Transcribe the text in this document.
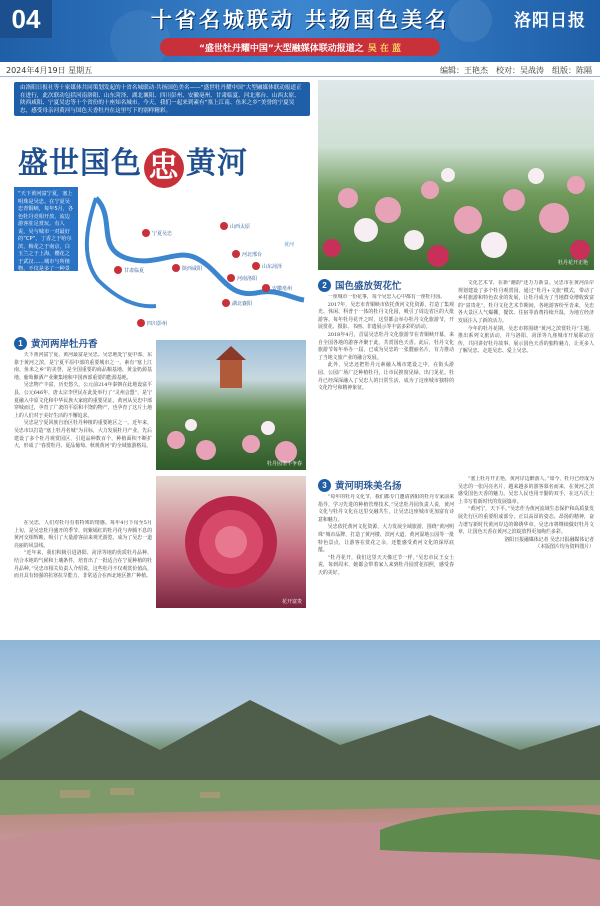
04	十省名城联动 共扬国色美名	洛阳日报
“盛世牡丹耀中国”大型融媒体联动报道之 吴 在 蓝
2024年4月19日 星期五	编辑：王艳杰　校对：吴战涛　组版：陈隔
由洛阳日报社等十家媒体共同策划发起的十省名城联动·共扬国色美名——“盛世牡丹耀中国”大型融媒体联动报道正在进行，此次联动包括河南洛阳、山东菏泽、湖北襄阳、四川彭州、安徽亳州、甘肃临夏、河北邢台、山西太原、陕西咸阳、宁夏吴忠等十个省份的十座知名城市。今天，我们一起来到素有“塞上江南、鱼米之乡”美誉的宁夏吴忠，感受母亲河黄河与国色天香牡丹在这里写下的别样精彩。
牡丹花开正艳
盛世国色 忠 黄河
宁夏吴忠
甘肃临夏
山西太原
河北邢台
陕西咸阳
河南洛阳
山东菏泽
安徽亳州
湖北襄阳
四川彭州
黄河
“天下黄河富宁夏，塞上明珠是吴忠。在宁夏吴忠青铜峡，每年5月，各色牡丹竞相开放，流边游客驻足赏玩。有人说，吴与城市一对最好的“CP”，丁香之于哈尔滨，梅花之于南京，白玉兰之于上海，樱花之于武汉……城市与所植物，不仅是多了一种景观，更留映着城市气质和审美。”
1 黄河两岸牡丹香

天下黄河富宁夏，黄河最富是吴忠。吴忠地处宁夏中部，东靠于黄河之滨，是宁夏平原中部的重要城市之一，素有“塞上江南、鱼米之乡”的美誉，是全国重要的商品粮基地、黄金奶源基地、葡萄酿酒产业聚集地和中国西部重要的能源基地。

吴忠物产丰富，历史悠久，公元前214年秦朝在此地设富平县，公元646年，唐太宗李世民在此处举行了“灵州会盟”，是宁夏融入中原文化和中华民族大家庭的重要见证。黄河从吴忠中部穿城而过，孕育了广袤的平原和丰饶的物产，也孕育了这片土地上的人们对于美好生活的不懈追求。

吴忠是宁夏回族自治区牡丹种植的重要地区之一。近年来，吴忠市以打造“塞上牡丹名城”为目标，大力发展牡丹产业，先后建设了多个牡丹观赏园区，引进品种数百个，种植面积不断扩大，形成了“春赏牡丹、夏品葡萄、秋观黄河”的全域旅游格局。

在吴忠，人们对牡丹有着特殊的情感。每年4月下旬至5月上旬，是吴忠牡丹盛开的季节，姹紫嫣红的牡丹花与奔腾不息的黄河交相辉映，吸引了大量游客前来观光游览，成为了吴忠一道亮丽的风景线。

“近年来，我们积极引进洛阳、菏泽等地的优质牡丹品种，结合本地的气候和土壤条件，培育出了一批适合在宁夏种植的牡丹品种。”吴忠市相关负责人介绍说，这些牡丹不仅观赏价值高，而且具有较强的抗寒抗旱能力，非常适合在西北地区推广种植。

牡丹园里不争春
花开富贵
2 国色盛放贺花忙

一座城市一份花事，每个吴忠人心中都有一座牡丹园。

2017年，吴忠市青铜峡市依托黄河文化资源，打造了集观光、休闲、科普于一体的牡丹文化园，吸引了周边省区的大批游客。每年牡丹花开之时，这里都会举办牡丹文化旅游节，开展赏花、摄影、书画、非遗展示等丰富多彩的活动。

2018年4月，首届吴忠牡丹文化旅游节在青铜峡开幕，来自全国各地的游客齐聚于此，共赏国色天香。此后，牡丹文化旅游节每年举办一届，已成为吴忠的一张靓丽名片，有力推动了当地文旅产业的融合发展。

此外，吴忠还把牡丹元素融入城市建设之中，在街头游园、公园广场广泛种植牡丹，让市民推窗见绿、出门见花。牡丹已经深深融入了吴忠人的日常生活，成为了这座城市独特的文化符号和精神象征。

文化艺术节，在新“潮韵”还万万新景。吴忠市在黄河沿岸规划建设了多个牡丹观赏园，通过“牡丹+文旅”模式，带动了乡村旅游和特色农业的发展，让牡丹成为了当地群众增收致富的“富贵花”。牡丹文化艺术节期间，各地游客纷至沓来，吴忠各大景区人气爆棚，餐饮、住宿等消费持续升温，为地方经济发展注入了新的活力。

今年的牡丹花期，吴忠市将围绕“黄河之滨赏牡丹”主题，推出系列文旅活动，并与洛阳、菏泽等九座城市开展联动宣传，共同讲好牡丹故事，展示国色天香的独特魅力，让更多人了解吴忠、走进吴忠、爱上吴忠。

3 黄河明珠美名扬

“每年的牡丹文化节，我们都专门邀请洛阳的牡丹专家前来指导，学习先进的种植管理技术。”吴忠牡丹园负责人说，黄河文化与牡丹文化在这里交融共生，让吴忠这座城市更加富有诗意和魅力。

吴忠依托黄河文化资源，大力发展全域旅游，围绕“黄河明珠”城市品牌，打造了黄河楼、滨河大道、黄河湿地公园等一批特色景点，让游客在赏花之余，还能感受黄河文化的深厚底蕴。

“牡丹花开，我们这里天天像过节一样。”吴忠市民王女士说，每到周末，她都会带着家人来到牡丹园赏花拍照，感受春天的美好。

“塞上牡丹开正艳，黄河岸边醉游人。”如今，牡丹已经成为吴忠的一张闪亮名片，越来越多的游客慕名而来，在黄河之滨感受国色天香的魅力。吴忠人民也用辛勤的双手，在这片沃土上书写着新时代的发展篇章。

“黄河宁，天下平。”吴忠作为黄河流域生态保护和高质量发展先行区的重要组成部分，正以高昂的姿态、昂扬的精神，奋力谱写新时代黄河岸边的锦绣华章。吴忠市将继续做好牡丹文章，让国色天香在黄河之滨绽放得更加绚烂多彩。

洛阳日报融媒体记者 吴忠日报融媒体记者

（本版图片均为资料图片）
